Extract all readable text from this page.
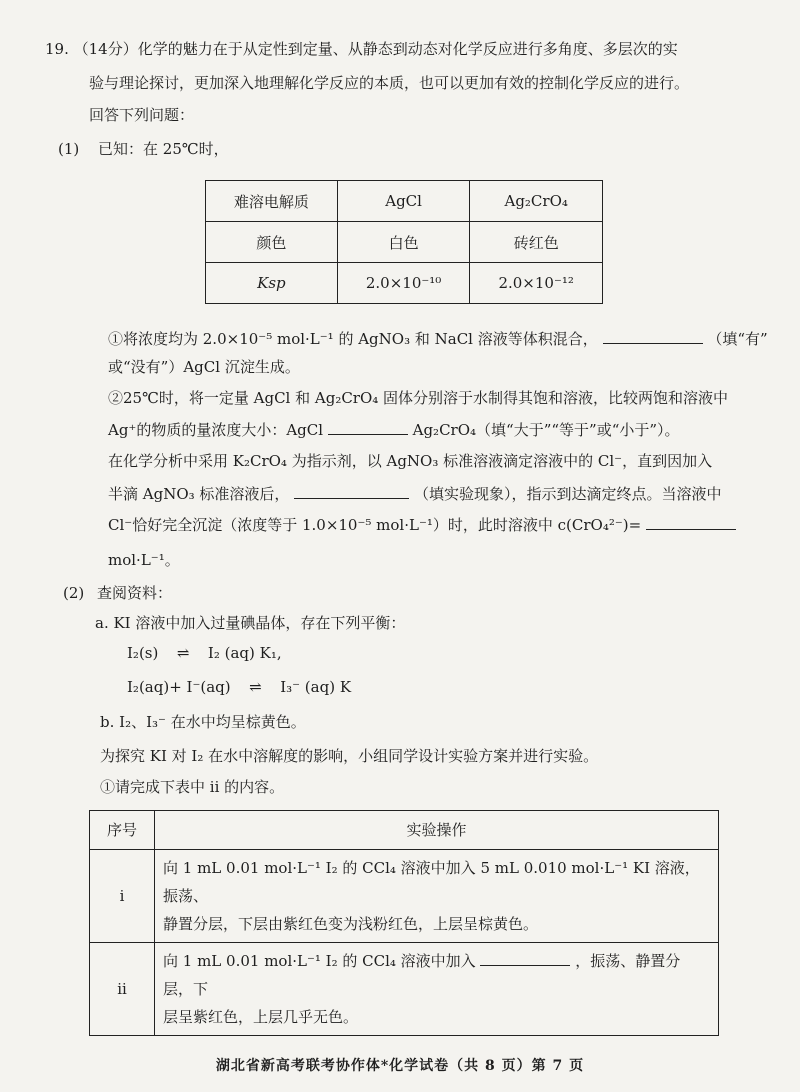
19. （14分）化学的魅力在于从定性到定量、从静态到动态对化学反应进行多角度、多层次的实
验与理论探讨，更加深入地理解化学反应的本质，也可以更加有效的控制化学反应的进行。
回答下列问题：
(1) 已知：在 25℃时，
难溶电解质	AgCl	Ag₂CrO₄
颜色	白色	砖红色
Ksp	2.0×10⁻¹⁰	2.0×10⁻¹²
①将浓度均为 2.0×10⁻⁵ mol·L⁻¹ 的 AgNO₃ 和 NaCl 溶液等体积混合，	（填“有”
或“没有”）AgCl 沉淀生成。
②25℃时，将一定量 AgCl 和 Ag₂CrO₄ 固体分别溶于水制得其饱和溶液，比较两饱和溶液中
Ag⁺的物质的量浓度大小：AgCl	Ag₂CrO₄（填“大于”“等于”或“小于”）。
在化学分析中采用 K₂CrO₄ 为指示剂，以 AgNO₃ 标准溶液滴定溶液中的 Cl⁻，直到因加入
半滴 AgNO₃ 标准溶液后，	（填实验现象），指示到达滴定终点。当溶液中
Cl⁻恰好完全沉淀（浓度等于 1.0×10⁻⁵ mol·L⁻¹）时，此时溶液中 c(CrO₄²⁻)=
mol·L⁻¹。
(2) 查阅资料：
a. KI 溶液中加入过量碘晶体，存在下列平衡：
I₂(s) ⇌ I₂ (aq) K₁,
I₂(aq)+ I⁻(aq) ⇌ I₃⁻ (aq) K
b. I₂、I₃⁻ 在水中均呈棕黄色。
为探究 KI 对 I₂ 在水中溶解度的影响，小组同学设计实验方案并进行实验。
①请完成下表中 ii 的内容。
序号	实验操作
i	向 1 mL 0.01 mol·L⁻¹ I₂ 的 CCl₄ 溶液中加入 5 mL 0.010 mol·L⁻¹ KI 溶液，振荡、
静置分层，下层由紫红色变为浅粉红色，上层呈棕黄色。

ii	向 1 mL 0.01 mol·L⁻¹ I₂ 的 CCl₄ 溶液中加入 ，振荡、静置分层，下
层呈紫红色，上层几乎无色。
湖北省新高考联考协作体*化学试卷（共 8 页）第 7 页
